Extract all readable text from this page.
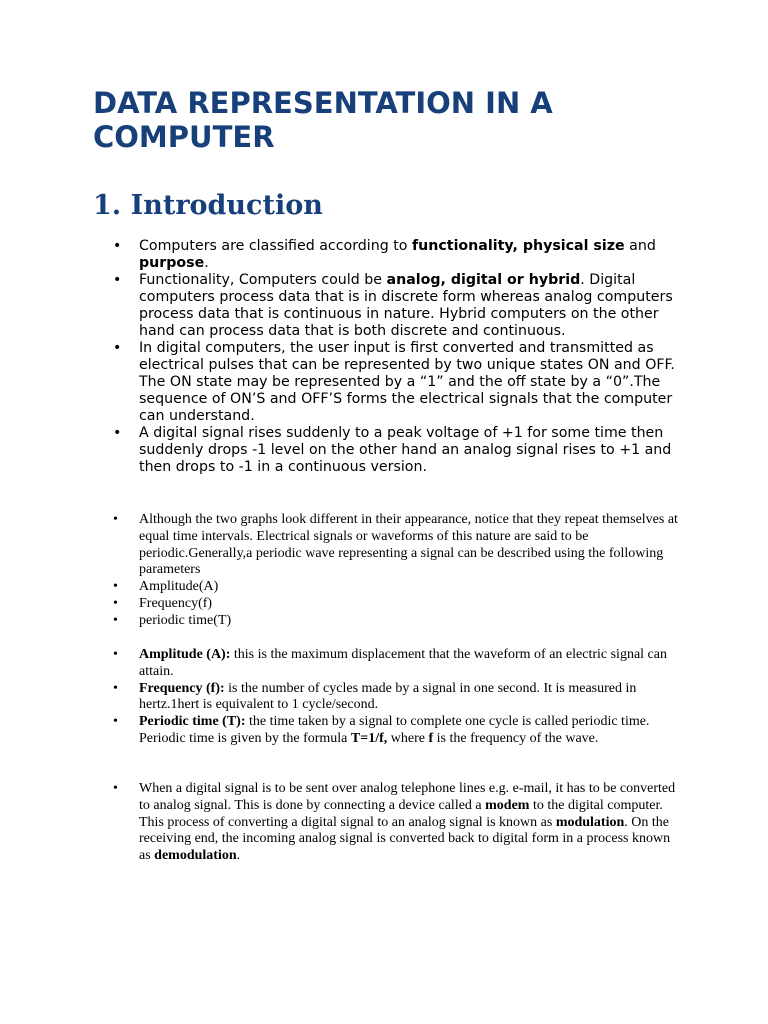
DATA REPRESENTATION IN A COMPUTER
1. Introduction
• Computers are classified according to functionality, physical size and purpose.
• Functionality, Computers could be analog, digital or hybrid. Digital computers process data that is in discrete form whereas analog computers process data that is continuous in nature. Hybrid computers on the other hand can process data that is both discrete and continuous.
• In digital computers, the user input is first converted and transmitted as electrical pulses that can be represented by two unique states ON and OFF. The ON state may be represented by a “1” and the off state by a “0”.The sequence of ON’S and OFF’S forms the electrical signals that the computer can understand.
• A digital signal rises suddenly to a peak voltage of +1 for some time then suddenly drops -1 level on the other hand an analog signal rises to +1 and then drops to -1 in a continuous version.
• Although the two graphs look different in their appearance, notice that they repeat themselves at equal time intervals. Electrical signals or waveforms of this nature are said to be periodic.Generally,a periodic wave representing a signal can be described using the following parameters
• Amplitude(A)
• Frequency(f)
• periodic time(T)
• Amplitude (A): this is the maximum displacement that the waveform of an electric signal can attain.
• Frequency (f): is the number of cycles made by a signal in one second. It is measured in hertz.1hert is equivalent to 1 cycle/second.
• Periodic time (T): the time taken by a signal to complete one cycle is called periodic time. Periodic time is given by the formula T=1/f, where f is the frequency of the wave.
• When a digital signal is to be sent over analog telephone lines e.g. e-mail, it has to be converted to analog signal. This is done by connecting a device called a modem to the digital computer. This process of converting a digital signal to an analog signal is known as modulation. On the receiving end, the incoming analog signal is converted back to digital form in a process known as demodulation.
